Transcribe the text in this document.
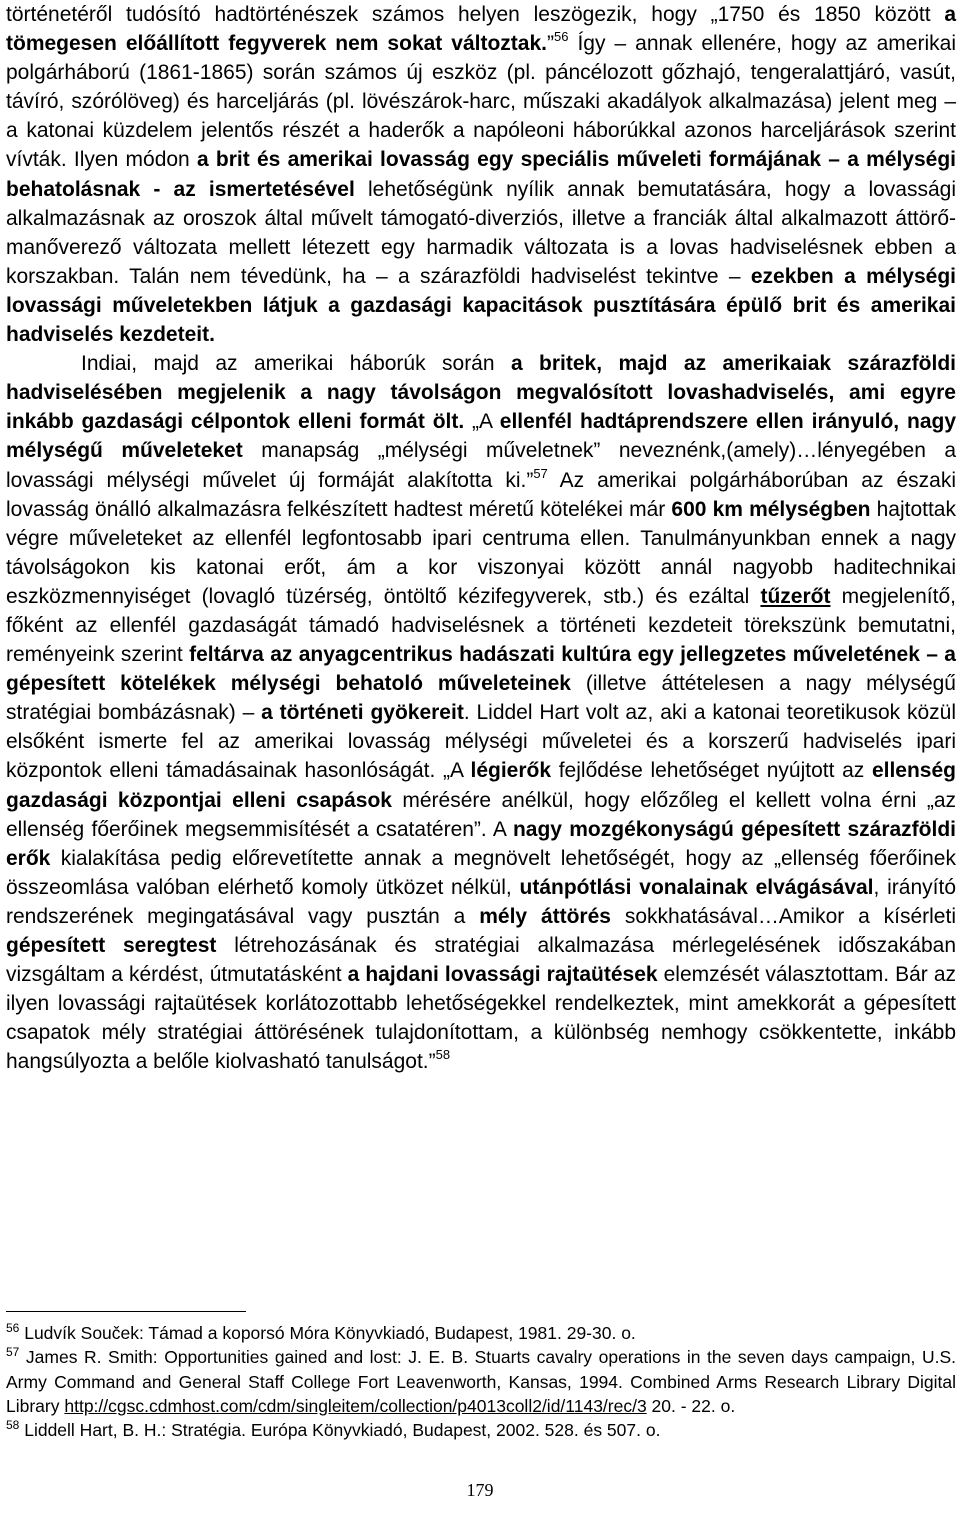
történetéről tudósító hadtörténészek számos helyen leszögezik, hogy „1750 és 1850 között a tömegesen előállított fegyverek nem sokat változtak.”$^{56}$ Így – annak ellenére, hogy az amerikai polgárháború (1861-1865) során számos új eszköz (pl. páncélozott gőzhajó, tengeralattjáró, vasút, távíró, szórólöveg) és harceljárás (pl. lövészárok-harc, műszaki akadályok alkalmazása) jelent meg – a katonai küzdelem jelentős részét a haderők a napóleoni háborúkkal azonos harceljárások szerint vívták. Ilyen módon a brit és amerikai lovasság egy speciális műveleti formájának – a mélységi behatolásnak - az ismertetésével lehetőségünk nyílik annak bemutatására, hogy a lovassági alkalmazásnak az oroszok által művelt támogató-diverziós, illetve a franciák által alkalmazott áttörő-manőverező változata mellett létezett egy harmadik változata is a lovas hadviselésnek ebben a korszakban. Talán nem tévedünk, ha – a szárazföldi hadviselést tekintve – ezekben a mélységi lovassági műveletekben látjuk a gazdasági kapacitások pusztítására épülő brit és amerikai hadviselés kezdeteit.

Indiai, majd az amerikai háborúk során a britek, majd az amerikaiak szárazföldi hadviselésében megjelenik a nagy távolságon megvalósított lovashadviselés, ami egyre inkább gazdasági célpontok elleni formát ölt. „A ellenfél hadtáprendszere ellen irányuló, nagy mélységű műveleteket manapság „mélységi műveletnek” neveznénk,(amely)…lényegében a lovassági mélységi művelet új formáját alakította ki.”$^{57}$ Az amerikai polgárháborúban az északi lovasság önálló alkalmazásra felkészített hadtest méretű kötelékei már 600 km mélységben hajtottak végre műveleteket az ellenfél legfontosabb ipari centruma ellen. Tanulmányunkban ennek a nagy távolságokon kis katonai erőt, ám a kor viszonyai között annál nagyobb haditechnikai eszközmennyiséget (lovagló tüzérség, öntöltő kézifegyverek, stb.) és ezáltal tűzerőt megjelenítő, főként az ellenfél gazdaságát támadó hadviselésnek a történeti kezdeteit törekszünk bemutatni, reményeink szerint feltárva az anyagcentrikus hadászati kultúra egy jellegzetes műveletének – a gépesített kötelékek mélységi behatoló műveleteinek (illetve áttételesen a nagy mélységű stratégiai bombázásnak) – a történeti gyökereit. Liddel Hart volt az, aki a katonai teoretikusok közül elsőként ismerte fel az amerikai lovasság mélységi műveletei és a korszerű hadviselés ipari központok elleni támadásainak hasonlóságát. „A légierők fejlődése lehetőséget nyújtott az ellenség gazdasági központjai elleni csapások mérésére anélkül, hogy előzőleg el kellett volna érni „az ellenség főerőinek megsemmisítését a csatatéren”. A nagy mozgékonyságú gépesített szárazföldi erők kialakítása pedig előrevetítette annak a megnövelt lehetőségét, hogy az „ellenség főerőinek összeomlása valóban elérhető komoly ütközet nélkül, utánpótlási vonalainak elvágásával, irányító rendszerének megingatásával vagy pusztán a mély áttörés sokkhatásával…Amikor a kísérleti gépesített seregtest létrehozásának és stratégiai alkalmazása mérlegelésének időszakában vizsgáltam a kérdést, útmutatásként a hajdani lovassági rajtaütések elemzését választottam. Bár az ilyen lovassági rajtaütések korlátozottabb lehetőségekkel rendelkeztek, mint amekkorát a gépesített csapatok mély stratégiai áttörésének tulajdonítottam, a különbség nemhogy csökkentette, inkább hangsúlyozta a belőle kiolvasható tanulságot.”$^{58}$

$^{56}$ Ludvík Souček: Támad a koporsó Móra Könyvkiadó, Budapest, 1981. 29-30. o.

$^{57}$ James R. Smith: Opportunities gained and lost: J. E. B. Stuarts cavalry operations in the seven days campaign, U.S. Army Command and General Staff College Fort Leavenworth, Kansas, 1994. Combined Arms Research Library Digital Library http://cgsc.cdmhost.com/cdm/singleitem/collection/p4013coll2/id/1143/rec/3 20. - 22. o.

$^{58}$ Liddell Hart, B. H.: Stratégia. Európa Könyvkiadó, Budapest, 2002. 528. és 507. o.

179
